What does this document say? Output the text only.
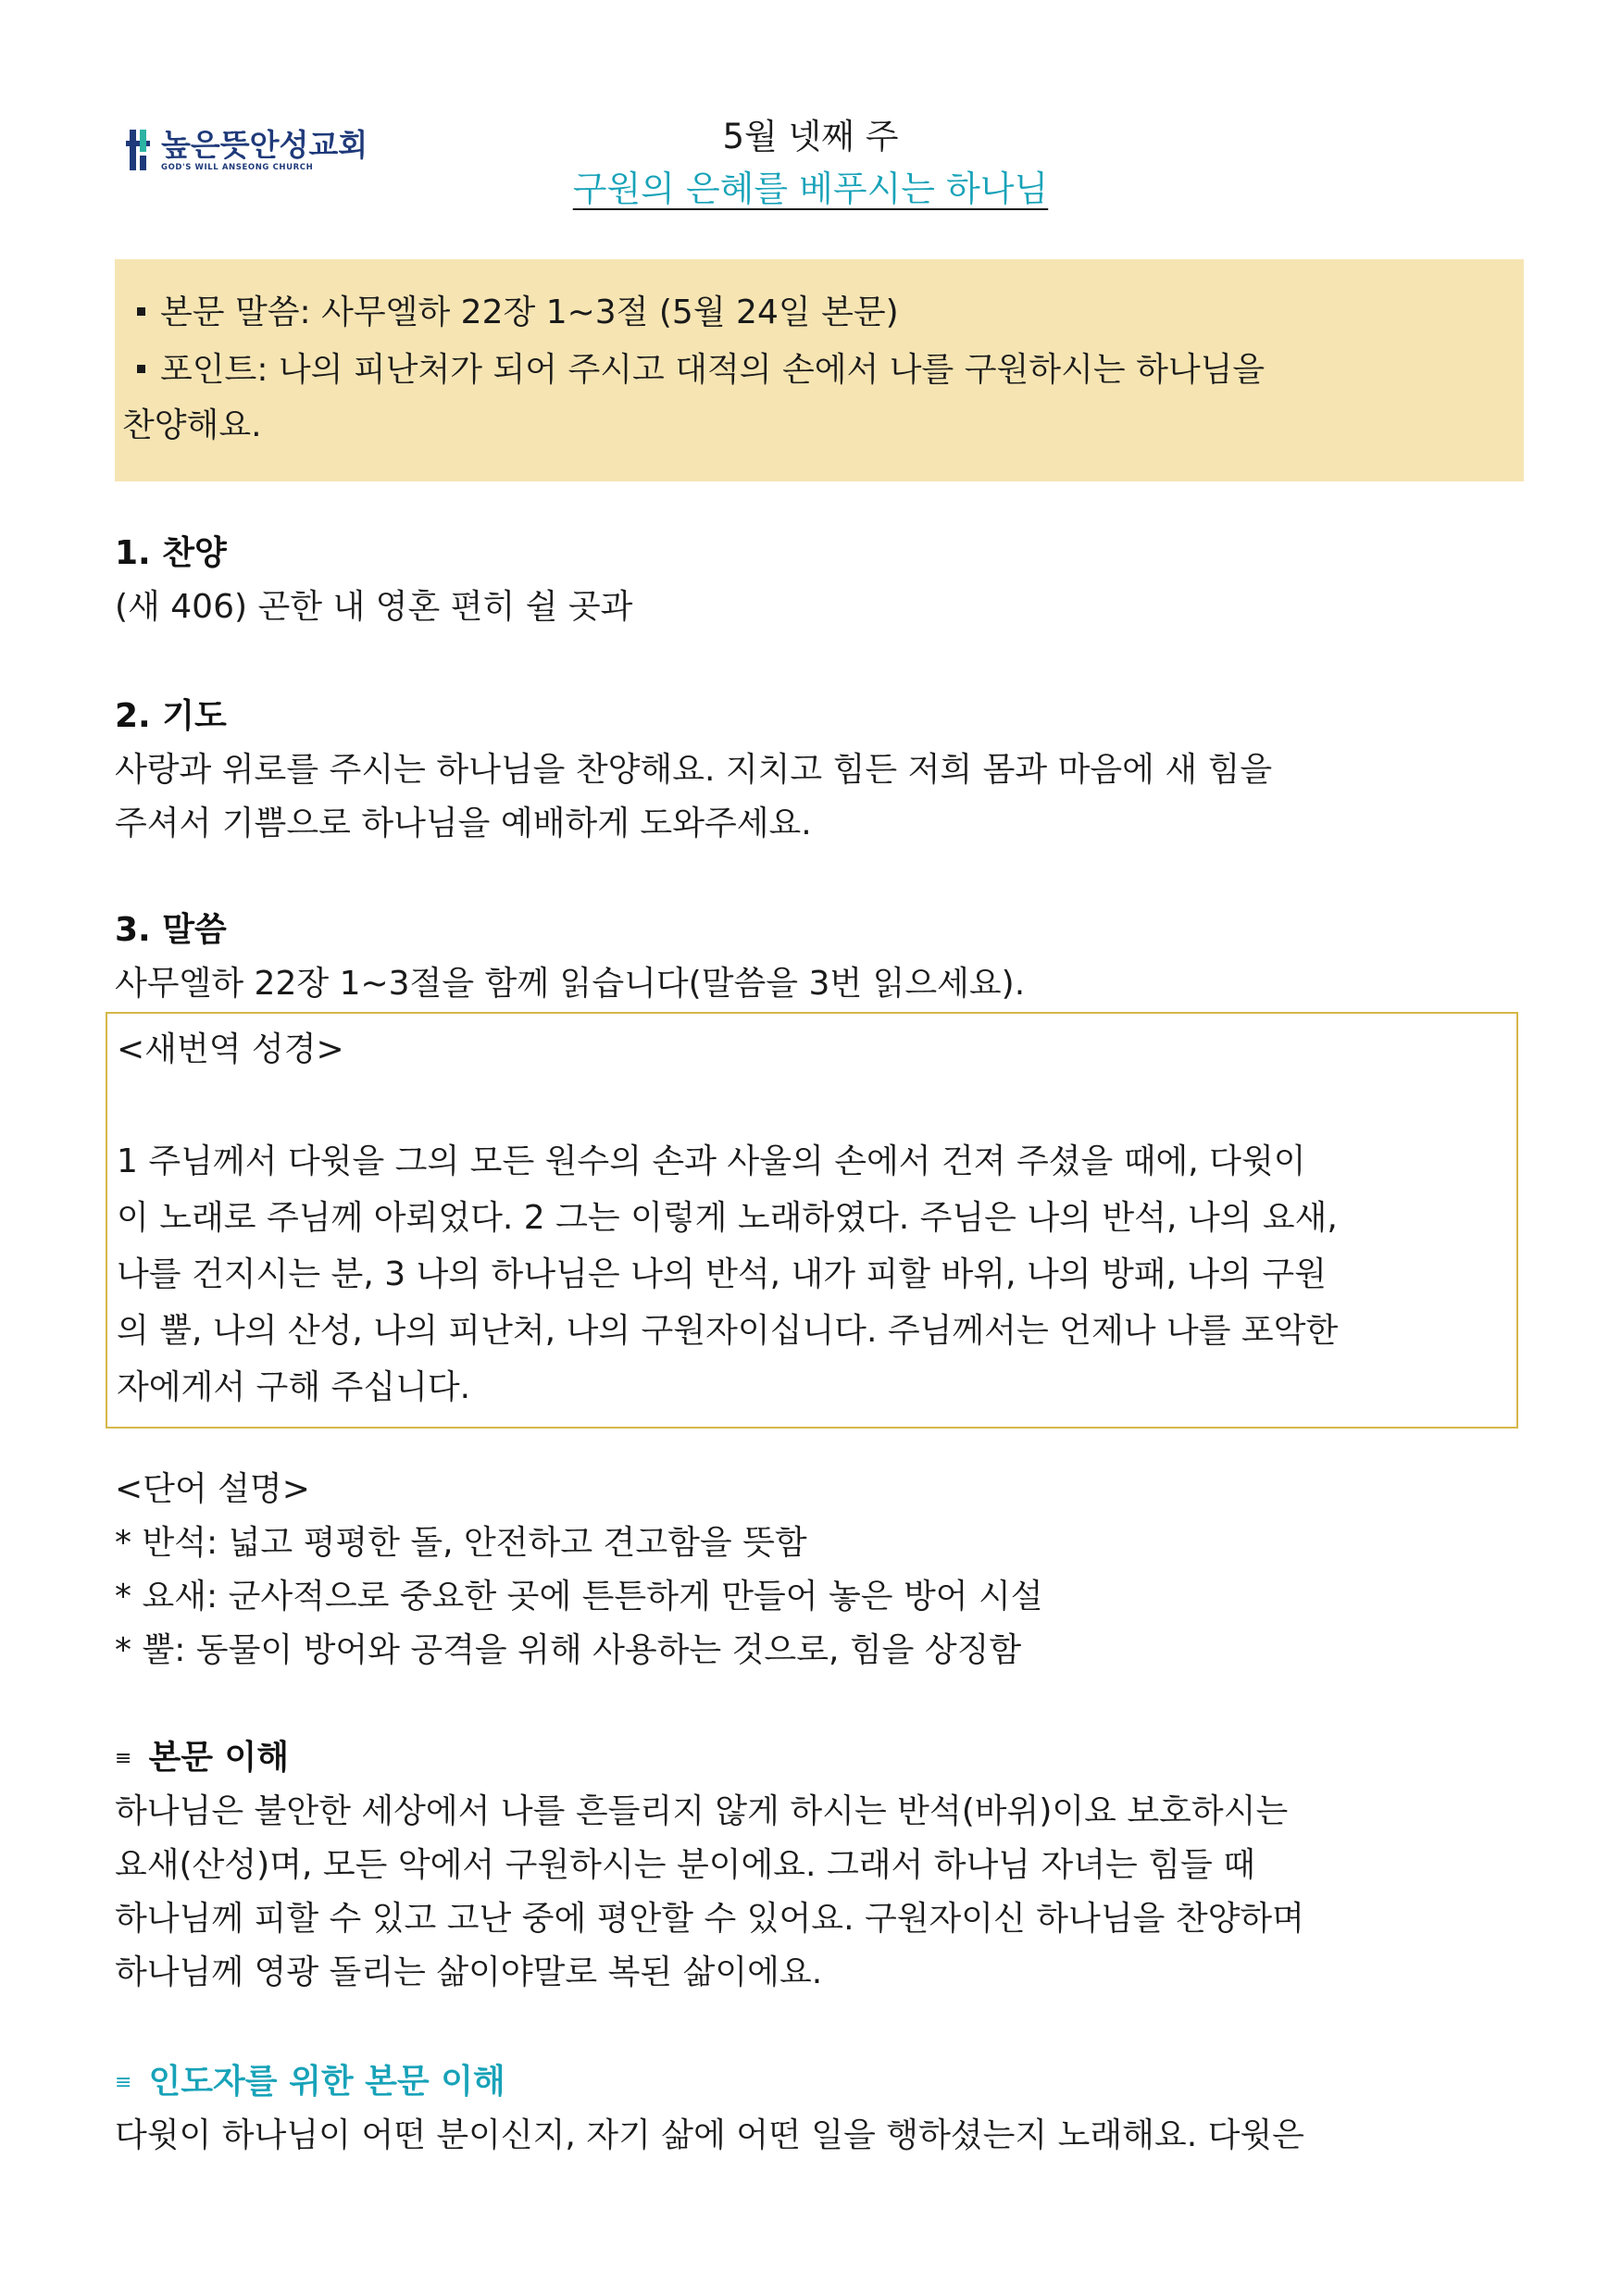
높은뜻안성교회
GOD'S WILL ANSEONG CHURCH
5월 넷째 주
구원의 은혜를 베푸시는 하나님
본문 말씀: 사무엘하 22장 1~3절 (5월 24일 본문)
포인트: 나의 피난처가 되어 주시고 대적의 손에서 나를 구원하시는 하나님을
찬양해요.
1. 찬양
(새 406) 곤한 내 영혼 편히 쉴 곳과
2. 기도
사랑과 위로를 주시는 하나님을 찬양해요. 지치고 힘든 저희 몸과 마음에 새 힘을
주셔서 기쁨으로 하나님을 예배하게 도와주세요.
3. 말씀
사무엘하 22장 1~3절을 함께 읽습니다(말씀을 3번 읽으세요).
<새번역 성경>
1 주님께서 다윗을 그의 모든 원수의 손과 사울의 손에서 건져 주셨을 때에, 다윗이
이 노래로 주님께 아뢰었다. 2 그는 이렇게 노래하였다. 주님은 나의 반석, 나의 요새,
나를 건지시는 분, 3 나의 하나님은 나의 반석, 내가 피할 바위, 나의 방패, 나의 구원
의 뿔, 나의 산성, 나의 피난처, 나의 구원자이십니다. 주님께서는 언제나 나를 포악한
자에게서 구해 주십니다.
<단어 설명>
* 반석: 넓고 평평한 돌, 안전하고 견고함을 뜻함
* 요새: 군사적으로 중요한 곳에 튼튼하게 만들어 놓은 방어 시설
* 뿔: 동물이 방어와 공격을 위해 사용하는 것으로, 힘을 상징함
≡ 본문 이해
하나님은 불안한 세상에서 나를 흔들리지 않게 하시는 반석(바위)이요 보호하시는
요새(산성)며, 모든 악에서 구원하시는 분이에요. 그래서 하나님 자녀는 힘들 때
하나님께 피할 수 있고 고난 중에 평안할 수 있어요. 구원자이신 하나님을 찬양하며
하나님께 영광 돌리는 삶이야말로 복된 삶이에요.
≡ 인도자를 위한 본문 이해
다윗이 하나님이 어떤 분이신지, 자기 삶에 어떤 일을 행하셨는지 노래해요. 다윗은
